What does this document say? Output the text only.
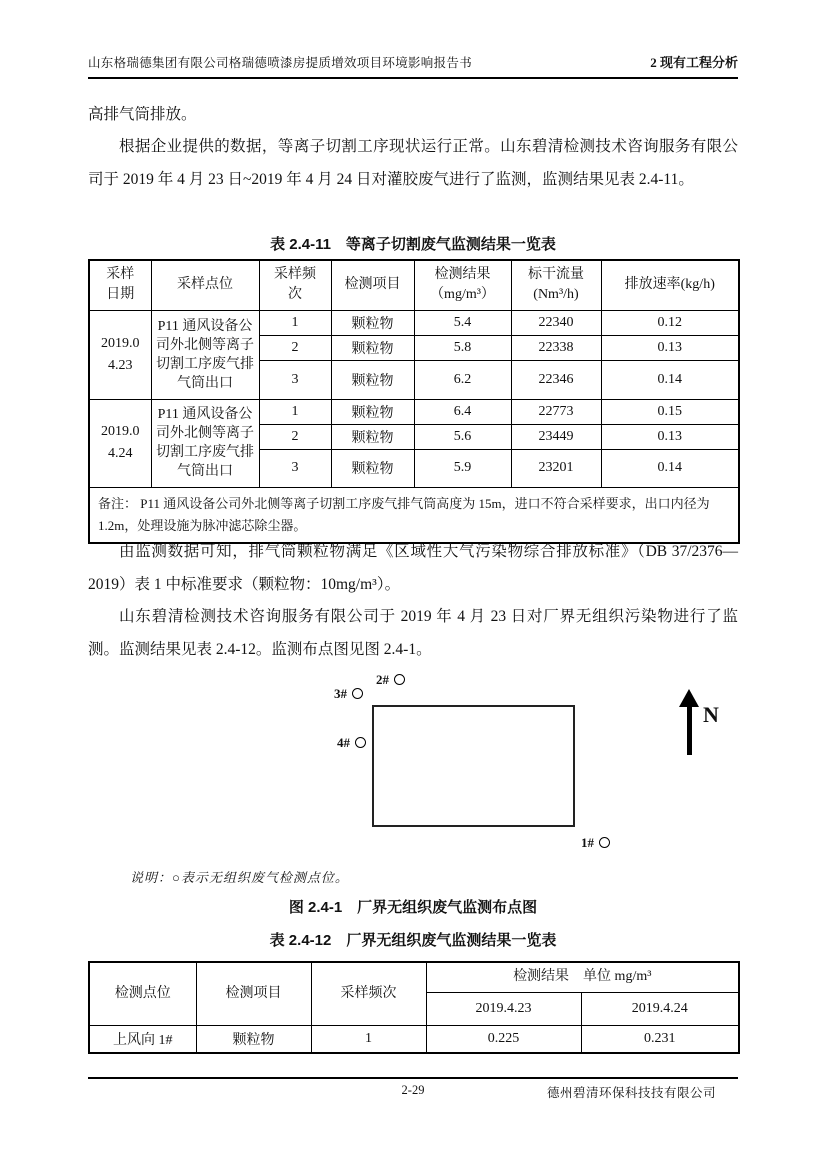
山东格瑞德集团有限公司格瑞德喷漆房提质增效项目环境影响报告书	2 现有工程分析
高排气筒排放。
根据企业提供的数据，等离子切割工序现状运行正常。山东碧清检测技术咨询服务有限公司于 2019 年 4 月 23 日~2019 年 4 月 24 日对灌胶废气进行了监测，监测结果见表 2.4-11。
表 2.4-11　等离子切割废气监测结果一览表
采样日期	采样点位	采样频次	检测项目	检测结果（mg/m³）	标干流量(Nm³/h)	排放速率(kg/h)

2019.0
4.23	P11 通风设备公司外北侧等离子切割工序废气排气筒出口	1	颗粒物	5.4	22340	0.12
		2	颗粒物	5.8	22338	0.13
		3	颗粒物	6.2	22346	0.14

2019.0
4.24	P11 通风设备公司外北侧等离子切割工序废气排气筒出口	1	颗粒物	6.4	22773	0.15
		2	颗粒物	5.6	23449	0.13
		3	颗粒物	5.9	23201	0.14
备注： P11 通风设备公司外北侧等离子切割工序废气排气筒高度为 15m，进口不符合采样要求，出口内径为 1.2m，处理设施为脉冲滤芯除尘器。						
由监测数据可知，排气筒颗粒物满足《区域性大气污染物综合排放标准》（DB 37/2376—2019）表 1 中标准要求（颗粒物：10mg/m³）。
山东碧清检测技术咨询服务有限公司于 2019 年 4 月 23 日对厂界无组织污染物进行了监测。监测结果见表 2.4-12。监测布点图见图 2.4-1。
2#
3#
4#
1#
N
说明：○表示无组织废气检测点位。
图 2.4-1　厂界无组织废气监测布点图
表 2.4-12　厂界无组织废气监测结果一览表
检测点位	检测项目	采样频次	检测结果　单位 mg/m³	
			2019.4.23	2019.4.24
上风向 1#	颗粒物	1	0.225	0.231
2-29	德州碧清环保科技技有限公司
